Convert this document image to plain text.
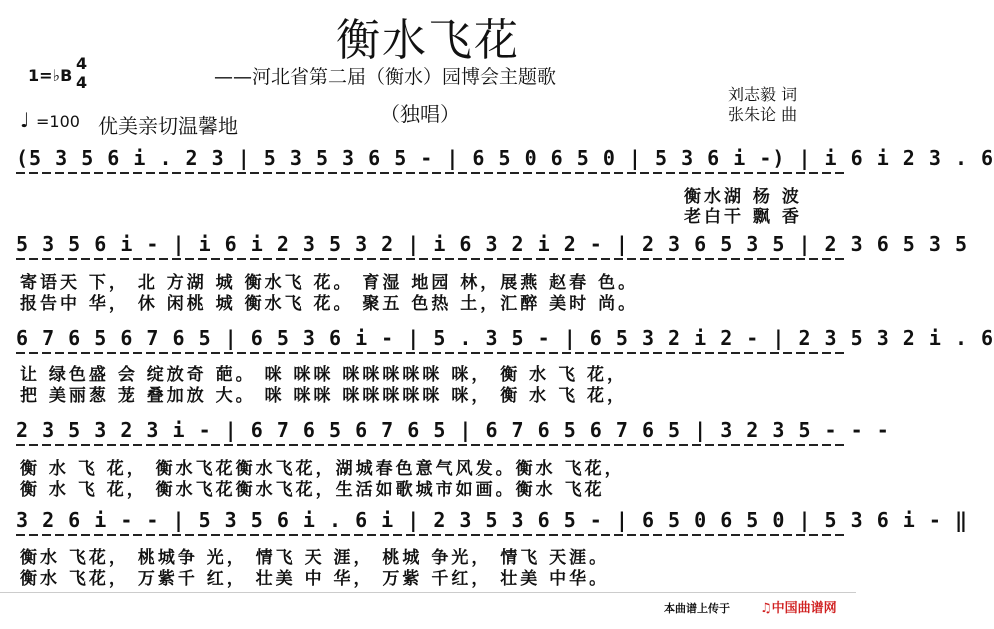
衡水飞花
——河北省第二届（衡水）园博会主题歌
（独唱）
1=♭B
4
4
♩ =100 优美亲切温馨地
刘志毅 词
张朱论 曲
(5 3 5 6 i . 2 3 | 5 3 5 3 6 5 - | 6 5 0 6 5 0 | 5 3 6 i -) | i 6 i 2 3 . 6
衡水湖 杨 波
老白干 飘 香
5 3 5 6 i - | i 6 i 2 3 5 3 2 | i 6 3 2 i 2 - | 2 3 6 5 3 5 | 2 3 6 5 3 5
寄语天 下， 北 方湖 城 衡水飞 花。 育湿 地园 林，展燕 赵春 色。
报告中 华， 休 闲桃 城 衡水飞 花。 聚五 色热 土，汇醉 美时 尚。
6 7 6 5 6 7 6 5 | 6 5 3 6 i - | 5 . 3 5 - | 6 5 3 2 i 2 - | 2 3 5 3 2 i . 6
让 绿色盛 会 绽放奇 葩。 咪 咪咪 咪咪咪咪咪 咪， 衡 水 飞 花，
把 美丽葱 茏 叠加放 大。 咪 咪咪 咪咪咪咪咪 咪， 衡 水 飞 花，
2 3 5 3 2 3 i - | 6 7 6 5 6 7 6 5 | 6 7 6 5 6 7 6 5 | 3 2 3 5 - - -
衡 水 飞 花， 衡水飞花衡水飞花，湖城春色意气风发。衡水 飞花，
衡 水 飞 花， 衡水飞花衡水飞花，生活如歌城市如画。衡水 飞花
3 2 6 i - - | 5 3 5 6 i . 6 i | 2 3 5 3 6 5 - | 6 5 0 6 5 0 | 5 3 6 i - ‖
衡水 飞花， 桃城争 光， 情飞 天 涯， 桃城 争光， 情飞 天涯。
衡水 飞花， 万紫千 红， 壮美 中 华， 万紫 千红， 壮美 中华。
本曲谱上传于 ♫中国曲谱网
